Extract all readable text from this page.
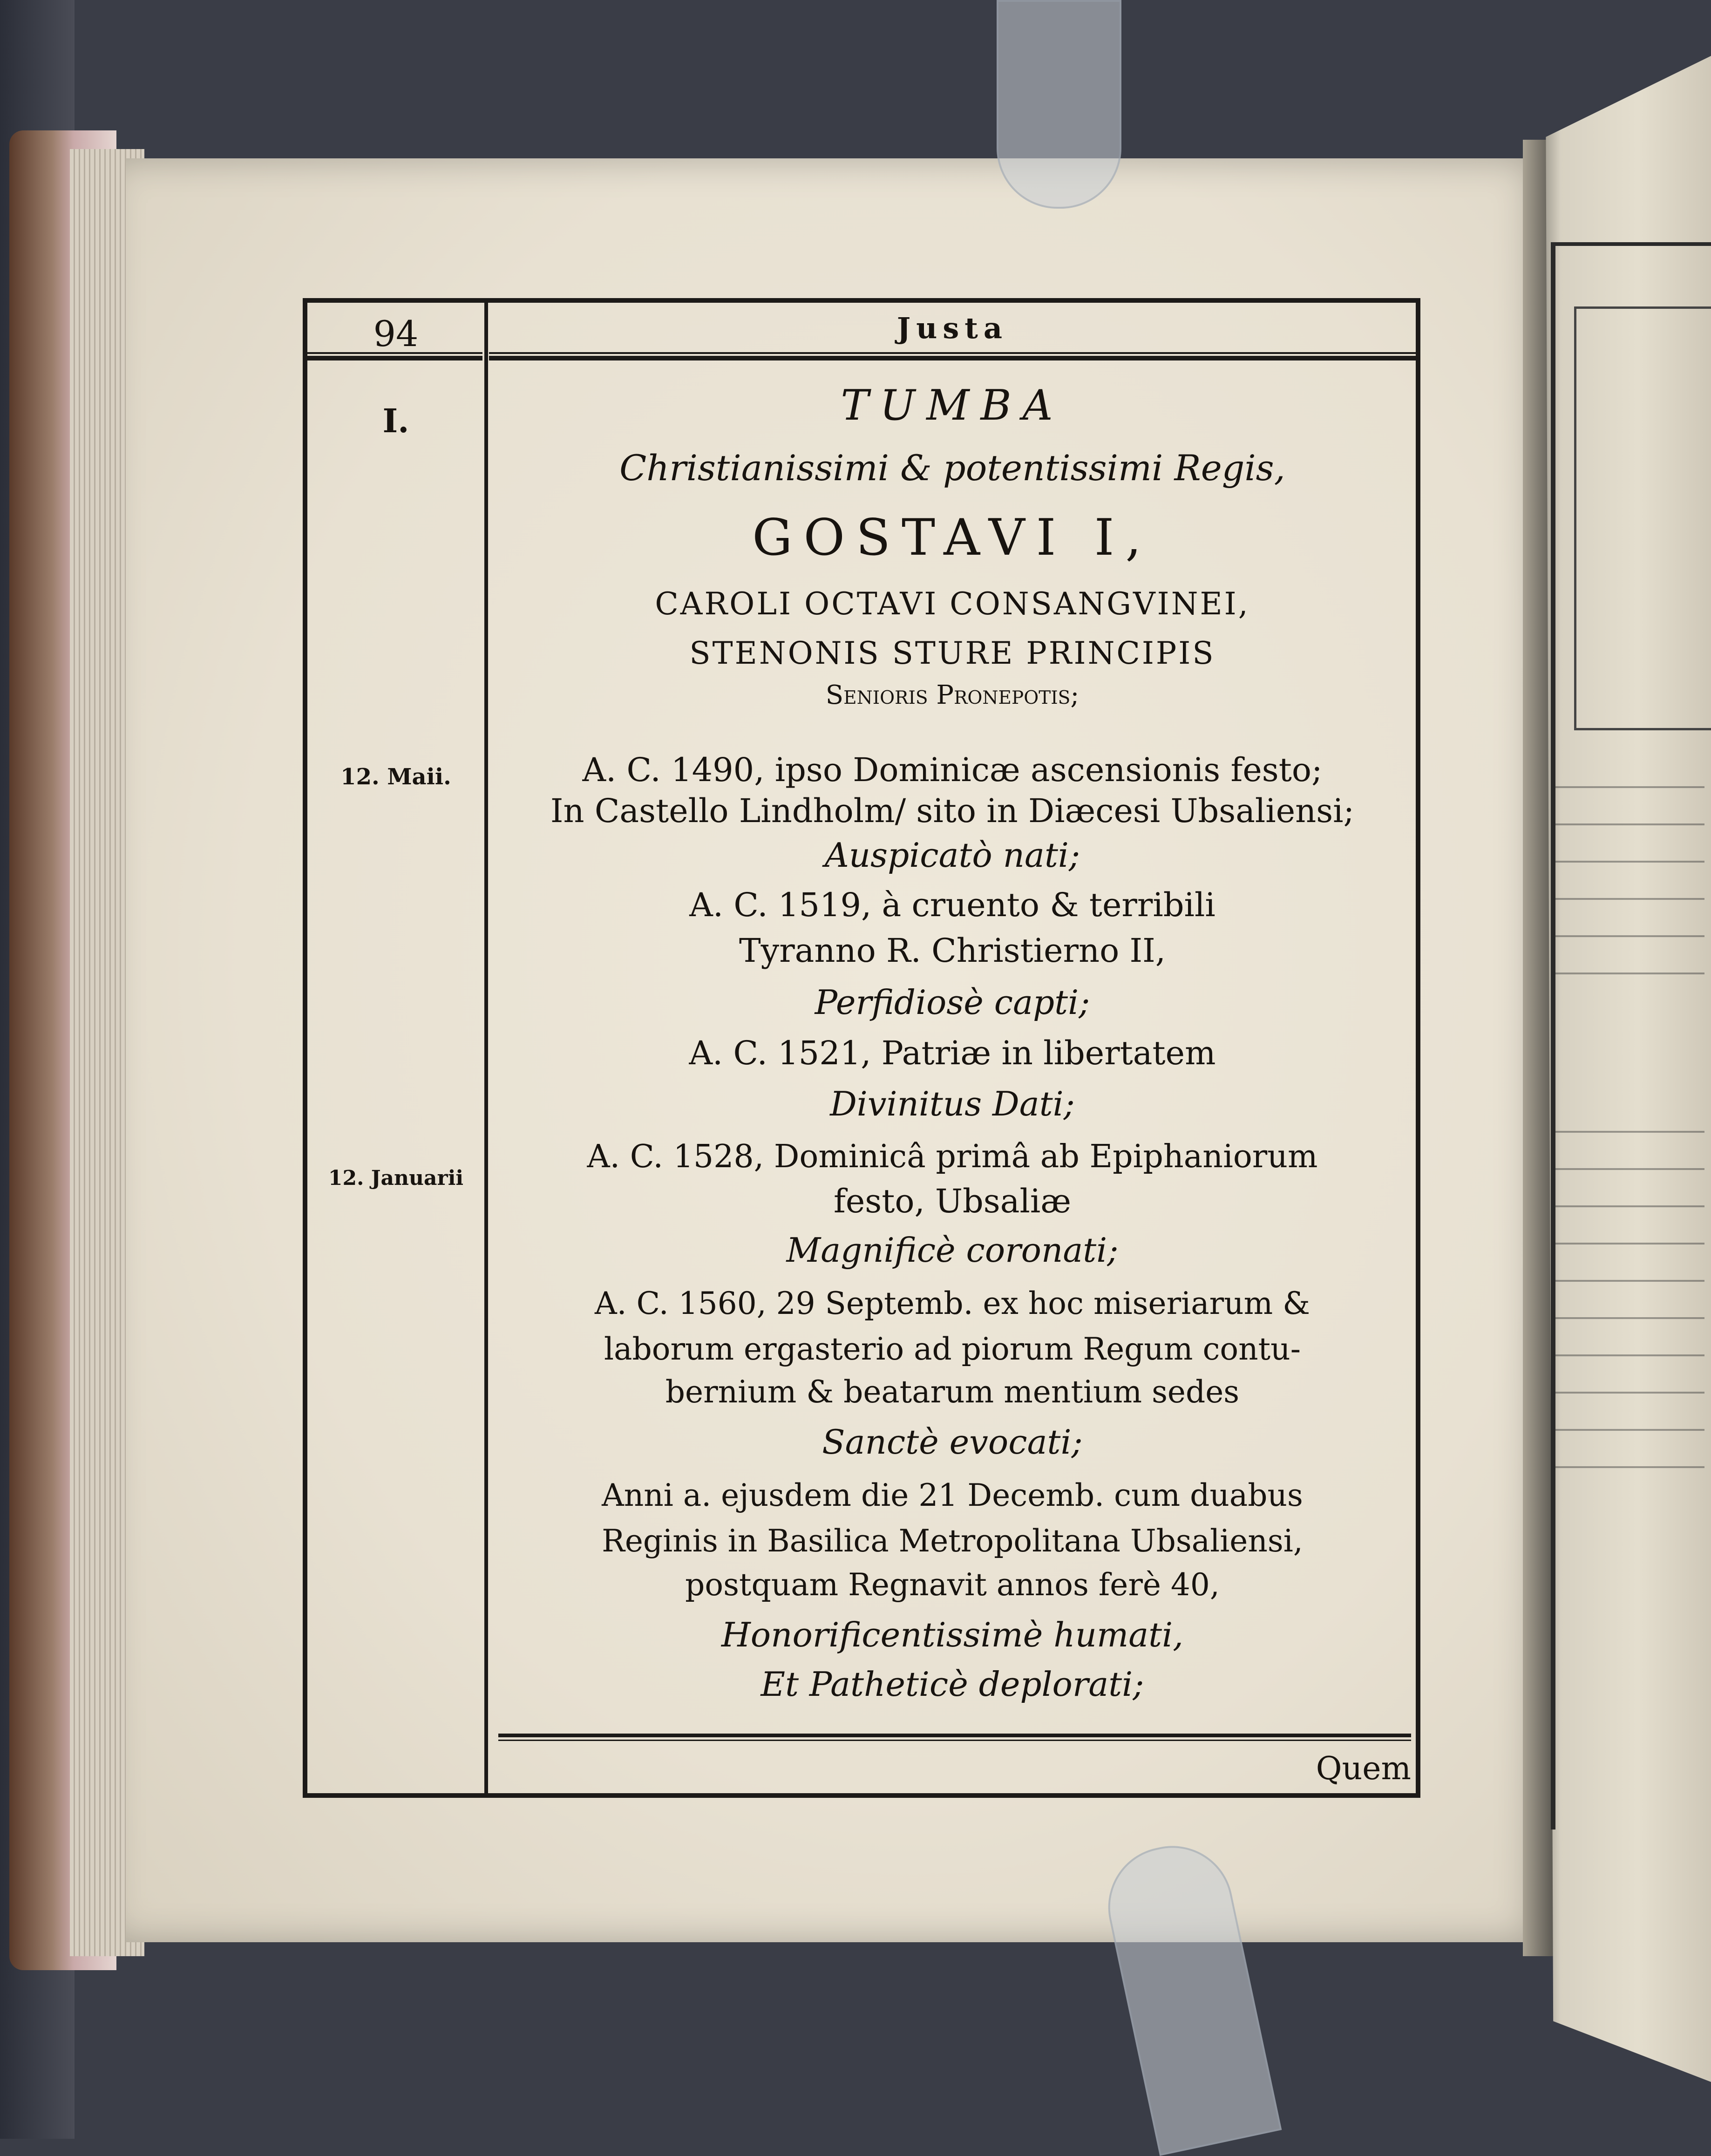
94	Justa
I.
12. Maii.
12. Januarii
TUMBA
Christianissimi & potentissimi Regis,
GOSTAVI I,
CAROLI OCTAVI CONSANGVINEI,
STENONIS STURE PRINCIPIS
Senioris Pronepotis;
A. C. 1490, ipso Dominicæ ascensionis festo;
In Castello Lindholm/ sito in Diæcesi Ubsaliensi;
Auspicatò nati;
A. C. 1519, à cruento & terribili
Tyranno R. Christierno II,
Perfidiosè capti;
A. C. 1521, Patriæ in libertatem
Divinitus Dati;
A. C. 1528, Dominicâ primâ ab Epiphaniorum
festo, Ubsaliæ
Magnificè coronati;
A. C. 1560, 29 Septemb. ex hoc miseriarum &
laborum ergasterio ad piorum Regum contu-
bernium & beatarum mentium sedes
Sanctè evocati;
Anni a. ejusdem die 21 Decemb. cum duabus
Reginis in Basilica Metropolitana Ubsaliensi,
postquam Regnavit annos ferè 40,
Honorificentissimè humati,
Et Patheticè deplorati;
Quem
